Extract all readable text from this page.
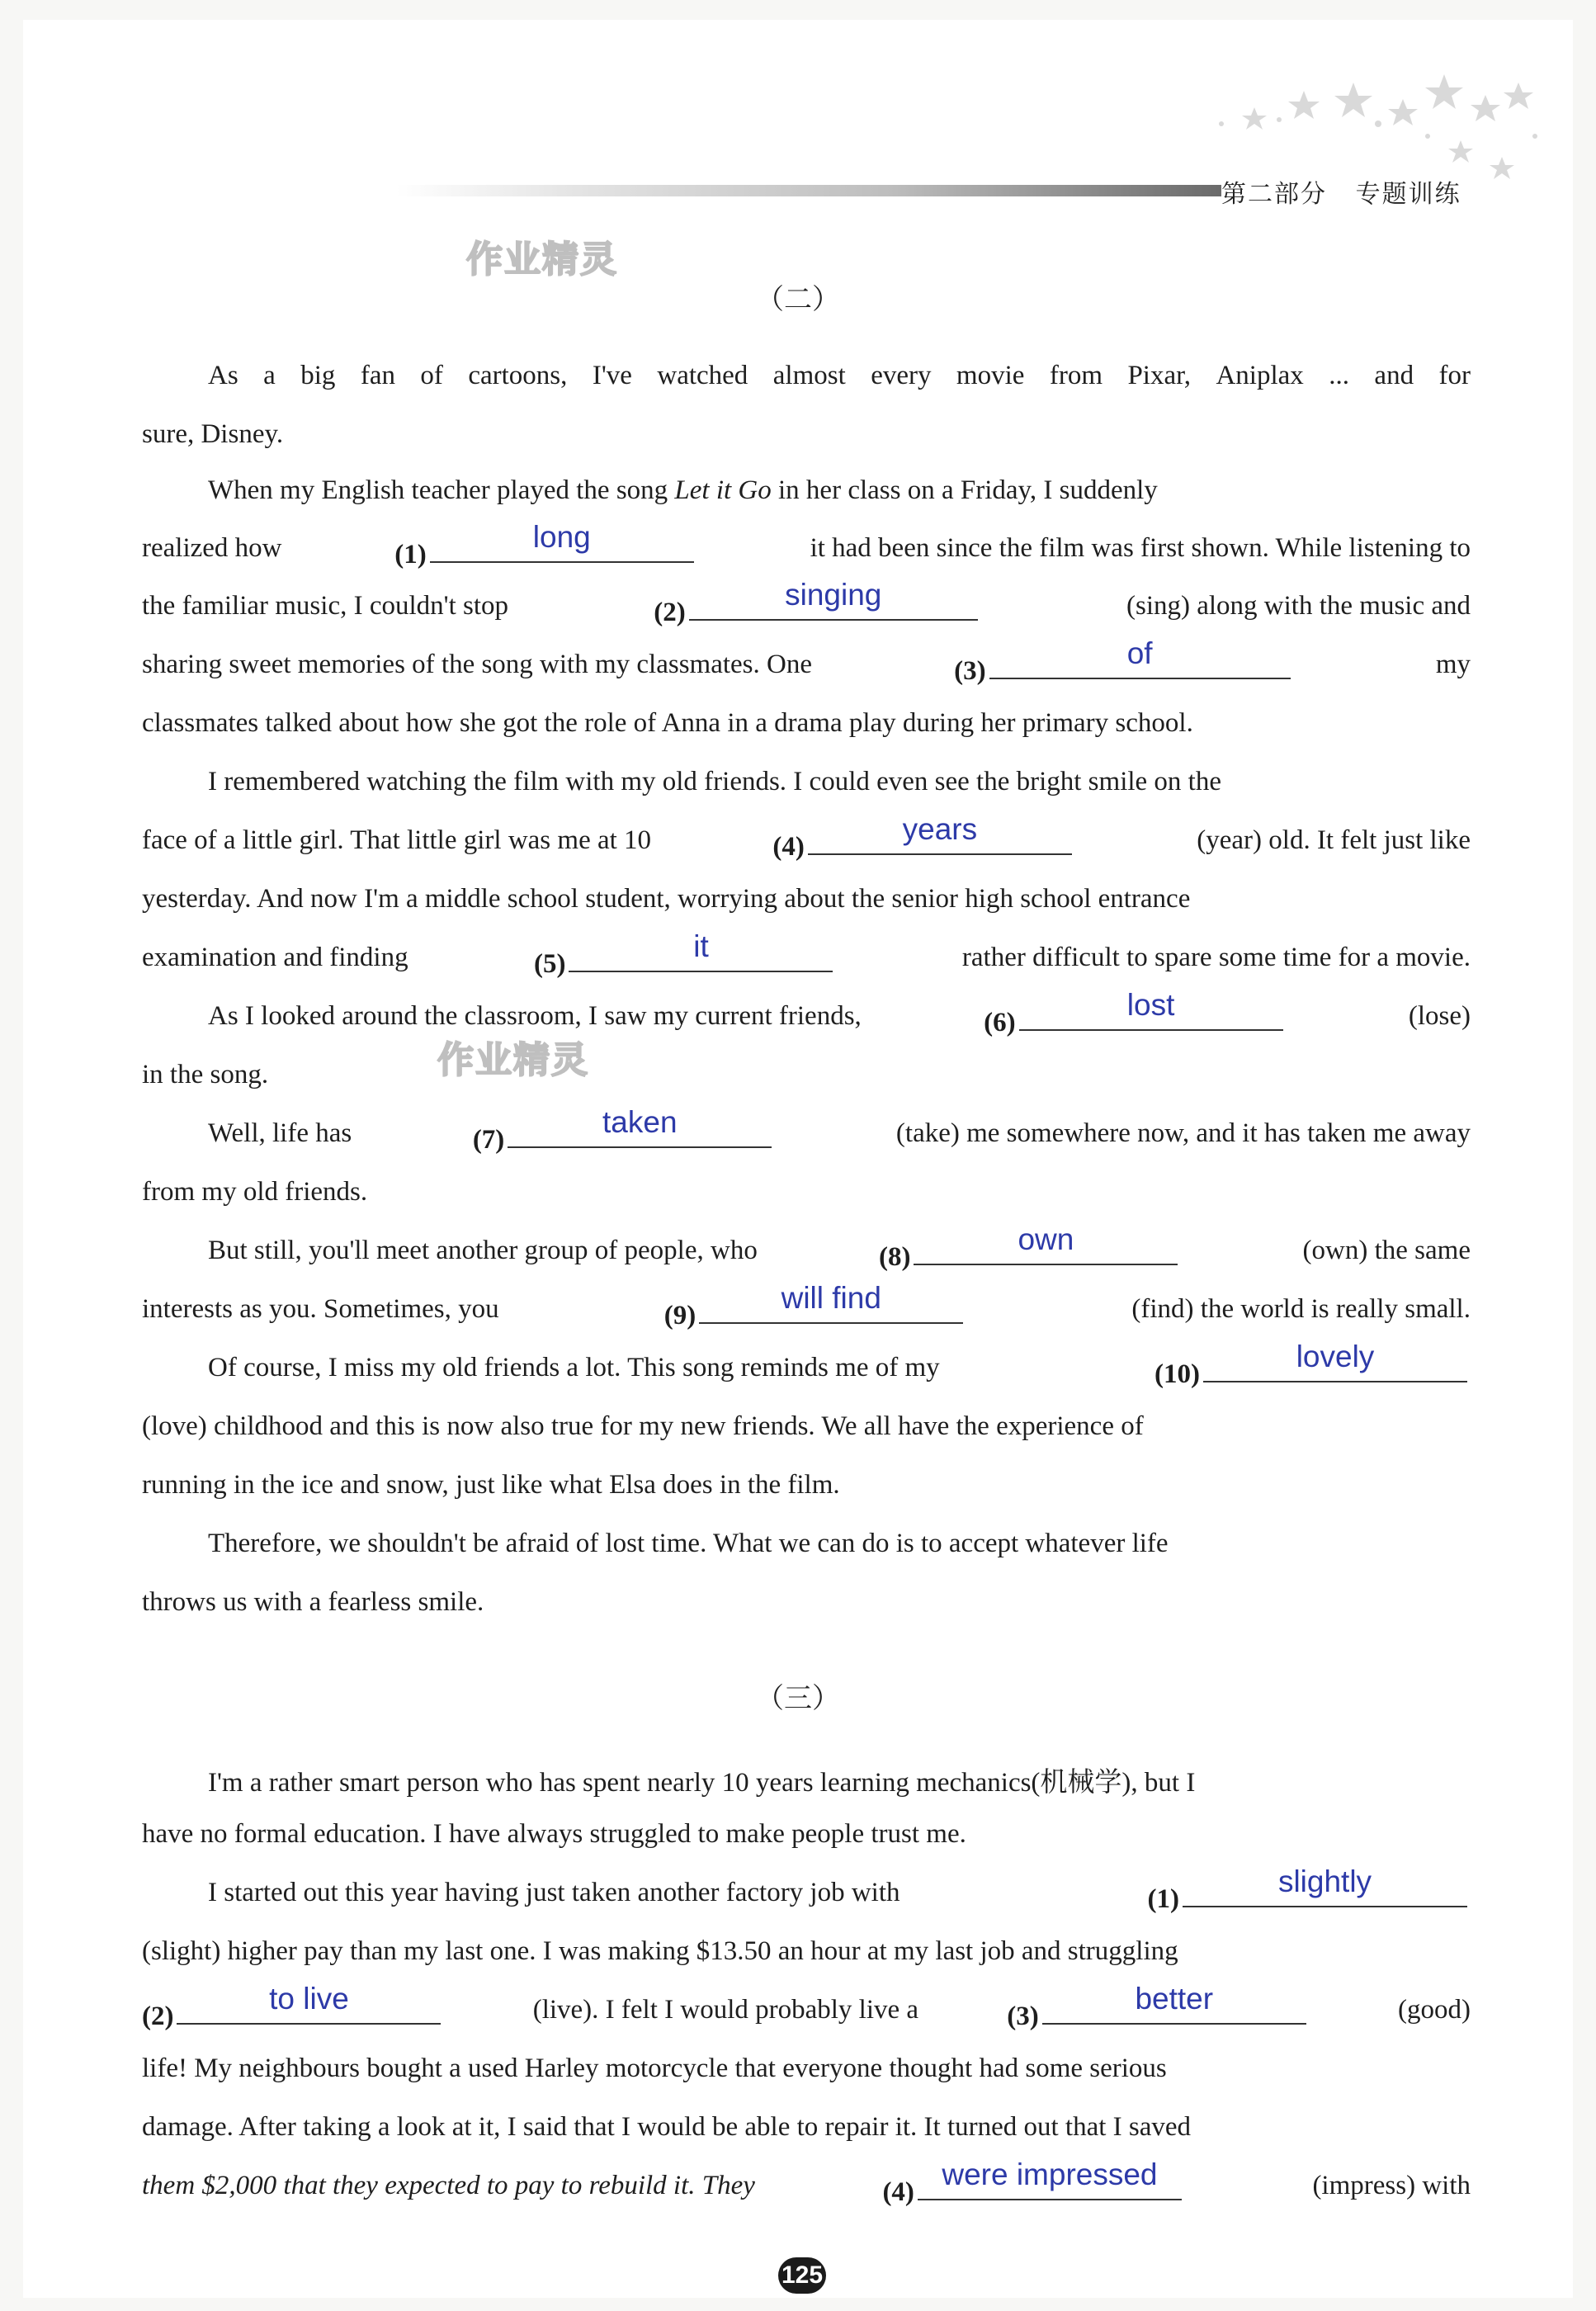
第二部分 专题训练
作业精灵
作业精灵
（二）
As a big fan of cartoons, I've watched almost every movie from Pixar, Aniplax ... and for
sure, Disney.
When my English teacher played the song Let it Go in her class on a Friday, I suddenly
realized how	(1)
long	it had been since the film was first shown. While listening to
the familiar music, I couldn't stop	(2)
singing	(sing) along with the music and
sharing sweet memories of the song with my classmates. One	(3)
of	my
classmates talked about how she got the role of Anna in a drama play during her primary school.
I remembered watching the film with my old friends. I could even see the bright smile on the
face of a little girl. That little girl was me at 10	(4)
years	(year) old. It felt just like
yesterday. And now I'm a middle school student, worrying about the senior high school entrance
examination and finding	(5)
it	rather difficult to spare some time for a movie.
As I looked around the classroom, I saw my current friends,	(6)
lost	(lose)
in the song.
Well, life has	(7)
taken	(take) me somewhere now, and it has taken me away
from my old friends.
But still, you'll meet another group of people, who	(8)
own	(own) the same
interests as you. Sometimes, you	(9)
will find	(find) the world is really small.
Of course, I miss my old friends a lot. This song reminds me of my	(10)
lovely
(love) childhood and this is now also true for my new friends. We all have the experience of
running in the ice and snow, just like what Elsa does in the film.
Therefore, we shouldn't be afraid of lost time. What we can do is to accept whatever life
throws us with a fearless smile.
（三）
I'm a rather smart person who has spent nearly 10 years learning mechanics(机械学), but I
have no formal education. I have always struggled to make people trust me.
I started out this year having just taken another factory job with	(1)
slightly
(slight) higher pay than my last one. I was making $13.50 an hour at my last job and struggling
(2)
to live	(live). I felt I would probably live a	(3)
better	(good)
life! My neighbours bought a used Harley motorcycle that everyone thought had some serious
damage. After taking a look at it, I said that I would be able to repair it. It turned out that I saved
them $2,000 that they expected to pay to rebuild it. They	(4)
were impressed	(impress) with
125
